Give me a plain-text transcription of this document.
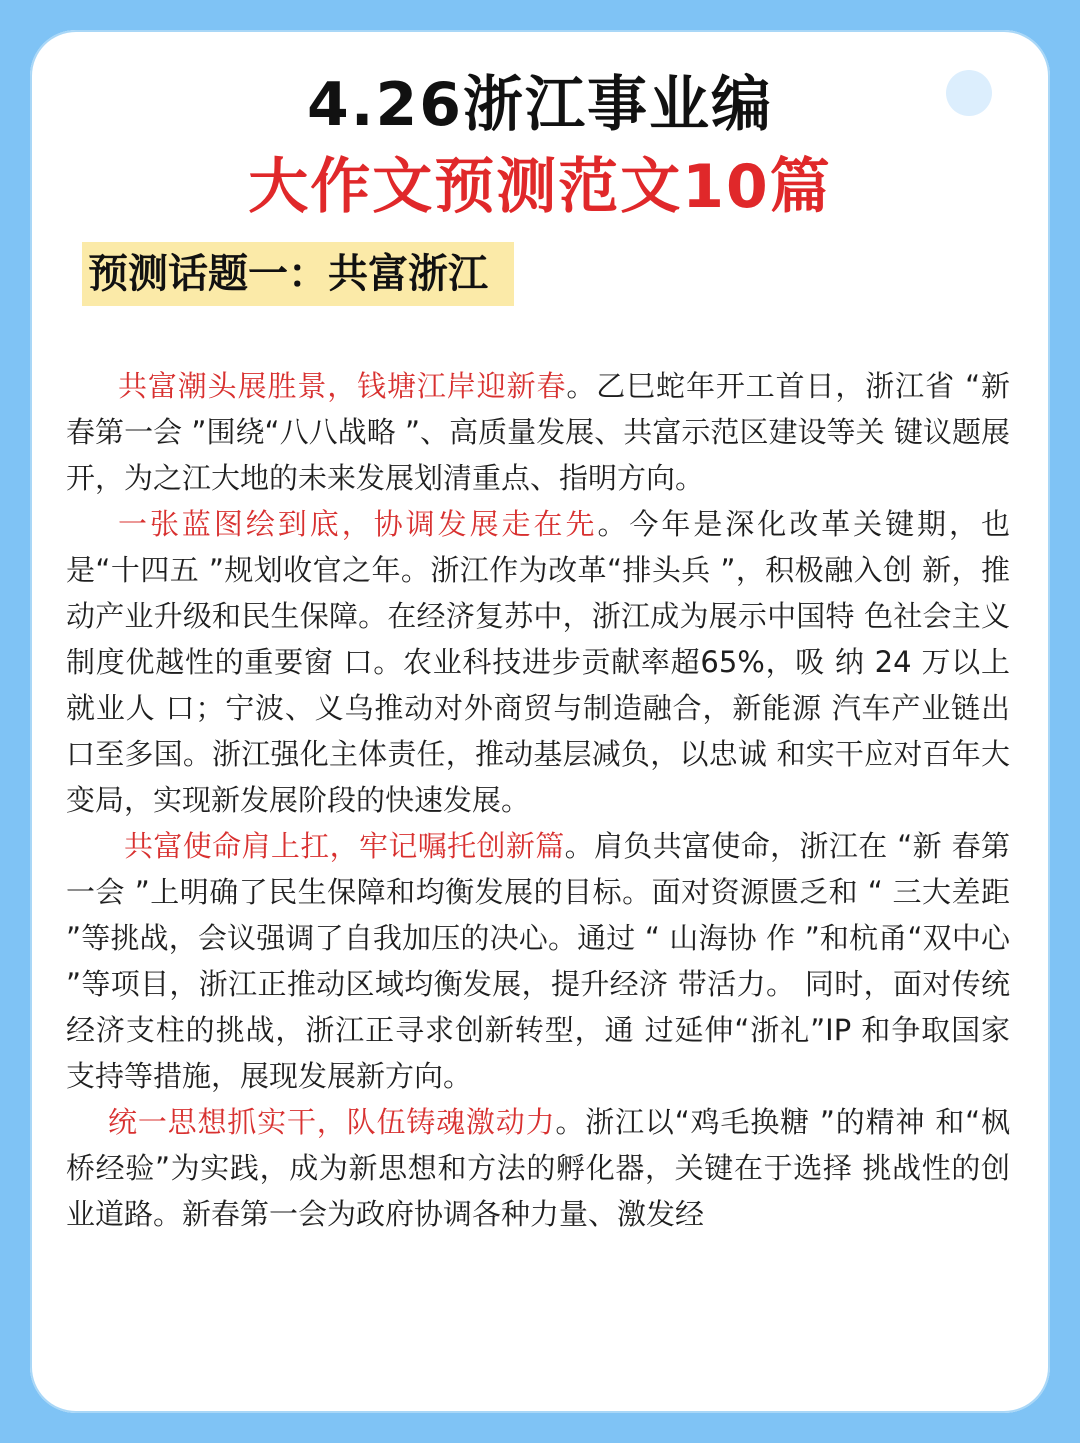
4.26浙江事业编
大作文预测范文10篇
预测话题一：共富浙江

共富潮头展胜景，钱塘江岸迎新春。乙巳蛇年开工首日，浙江省 “新春第一会 ”围绕“八八战略 ”、高质量发展、共富示范区建设等关 键议题展开，为之江大地的未来发展划清重点、指明方向。

一张蓝图绘到底，协调发展走在先。今年是深化改革关键期，也 是“十四五 ”规划收官之年。浙江作为改革“排头兵 ”，积极融入创 新，推动产业升级和民生保障。在经济复苏中，浙江成为展示中国特 色社会主义制度优越性的重要窗 口。农业科技进步贡献率超65%，吸 纳 24 万以上就业人 口；宁波、义乌推动对外商贸与制造融合，新能源 汽车产业链出口至多国。浙江强化主体责任，推动基层减负，以忠诚 和实干应对百年大变局，实现新发展阶段的快速发展。

共富使命肩上扛，牢记嘱托创新篇。肩负共富使命，浙江在 “新 春第一会 ”上明确了民生保障和均衡发展的目标。面对资源匮乏和 “ 三大差距 ”等挑战，会议强调了自我加压的决心。通过 “ 山海协 作 ”和杭甬“双中心 ”等项目，浙江正推动区域均衡发展，提升经济 带活力。 同时，面对传统经济支柱的挑战，浙江正寻求创新转型，通 过延伸“浙礼”IP 和争取国家支持等措施，展现发展新方向。

统一思想抓实干，队伍铸魂激动力。浙江以“鸡毛换糖 ”的精神 和“枫桥经验”为实践，成为新思想和方法的孵化器，关键在于选择 挑战性的创业道路。新春第一会为政府协调各种力量、激发经
